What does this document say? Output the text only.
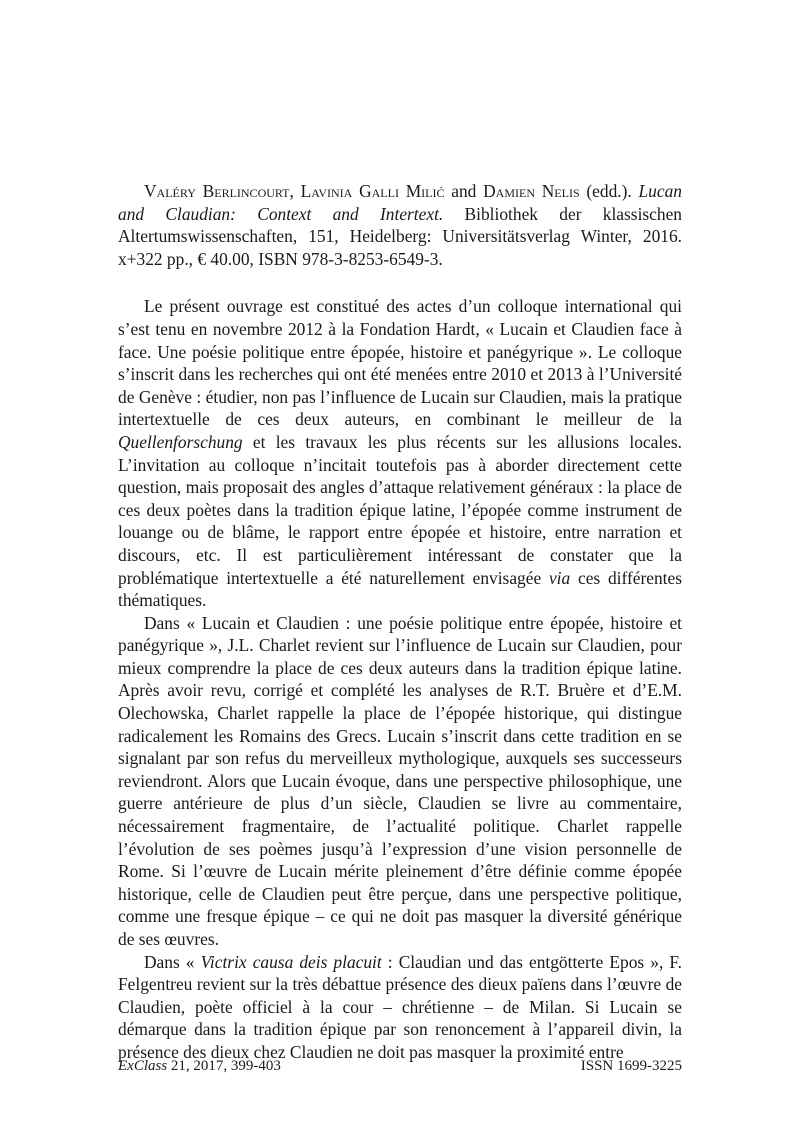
Valéry Berlincourt, Lavinia Galli Milić and Damien Nelis (edd.). Lucan and Claudian: Context and Intertext. Bibliothek der klassischen Altertumswissenschaften, 151, Heidelberg: Universitätsverlag Winter, 2016. x+322 pp., € 40.00, ISBN 978-3-8253-6549-3.

Le présent ouvrage est constitué des actes d’un colloque international qui s’est tenu en novembre 2012 à la Fondation Hardt, « Lucain et Claudien face à face. Une poésie politique entre épopée, histoire et panégyrique ». Le colloque s’inscrit dans les recherches qui ont été menées entre 2010 et 2013 à l’Université de Genève : étudier, non pas l’influence de Lucain sur Claudien, mais la pratique intertextuelle de ces deux auteurs, en combinant le meilleur de la Quellenforschung et les travaux les plus récents sur les allusions locales. L’invitation au colloque n’incitait toutefois pas à aborder directement cette question, mais proposait des angles d’attaque relativement généraux : la place de ces deux poètes dans la tradition épique latine, l’épopée comme instrument de louange ou de blâme, le rapport entre épopée et histoire, entre narration et discours, etc. Il est particulièrement intéressant de constater que la problématique intertextuelle a été naturellement envisagée via ces différentes thématiques.

Dans « Lucain et Claudien : une poésie politique entre épopée, histoire et panégyrique », J.L. Charlet revient sur l’influence de Lucain sur Claudien, pour mieux comprendre la place de ces deux auteurs dans la tradition épique latine. Après avoir revu, corrigé et complété les analyses de R.T. Bruère et d’E.M. Olechowska, Charlet rappelle la place de l’épopée historique, qui distingue radicalement les Romains des Grecs. Lucain s’inscrit dans cette tradition en se signalant par son refus du merveilleux mythologique, auxquels ses successeurs reviendront. Alors que Lucain évoque, dans une perspective philosophique, une guerre antérieure de plus d’un siècle, Claudien se livre au commentaire, nécessairement fragmentaire, de l’actualité politique. Charlet rappelle l’évolution de ses poèmes jusqu’à l’expression d’une vision personnelle de Rome. Si l’œuvre de Lucain mérite pleinement d’être définie comme épopée historique, celle de Claudien peut être perçue, dans une perspective politique, comme une fresque épique – ce qui ne doit pas masquer la diversité générique de ses œuvres.

Dans « Victrix causa deis placuit : Claudian und das entgötterte Epos », F. Felgentreu revient sur la très débattue présence des dieux païens dans l’œuvre de Claudien, poète officiel à la cour – chrétienne – de Milan. Si Lucain se démarque dans la tradition épique par son renoncement à l’appareil divin, la présence des dieux chez Claudien ne doit pas masquer la proximité entre

ExClass 21, 2017, 399-403	ISSN 1699-3225
